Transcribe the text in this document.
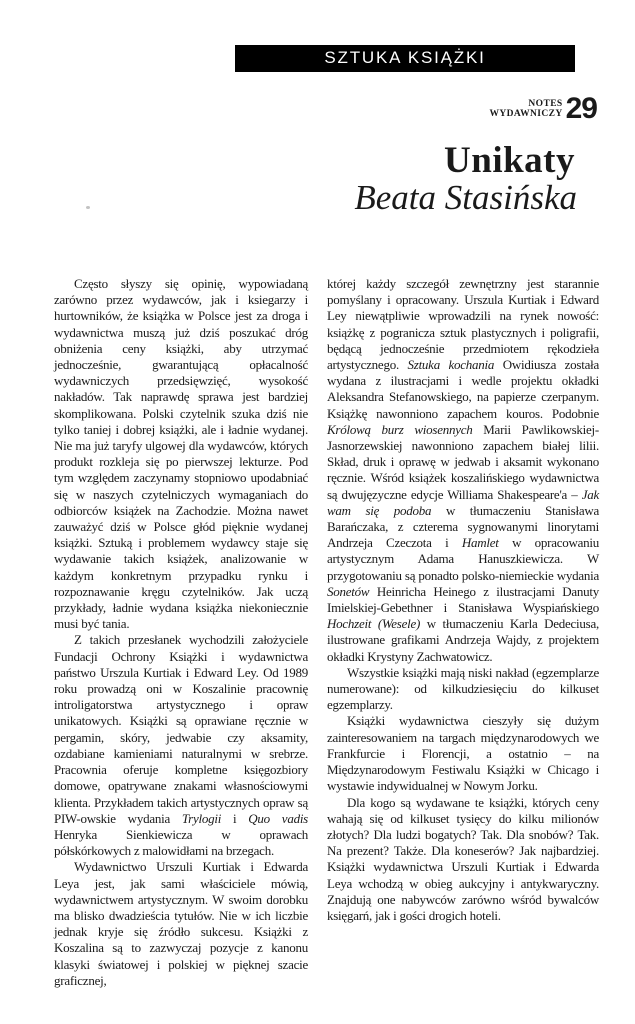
SZTUKA KSIĄŻKI
NOTES
WYDAWNICZY 29
Unikaty
Beata Stasińska

Często słyszy się opinię, wypowiadaną zarówno przez wydawców, jak i ksiegarzy i hurtowników, że książka w Polsce jest za droga i wydawnictwa muszą już dziś poszukać dróg obniżenia ceny książki, aby utrzymać jednocześnie, gwarantującą opłacalność wydawniczych przedsięwzięć, wysokość nakładów. Tak naprawdę sprawa jest bardziej skomplikowana. Polski czytelnik szuka dziś nie tylko taniej i dobrej książki, ale i ładnie wydanej. Nie ma już taryfy ulgowej dla wydawców, których produkt rozkleja się po pierwszej lekturze. Pod tym względem zaczynamy stopniowo upodabniać się w naszych czytelniczych wymaganiach do odbiorców książek na Zachodzie. Można nawet zauważyć dziś w Polsce głód pięknie wydanej książki. Sztuką i problemem wydawcy staje się wydawanie takich książek, analizowanie w każdym konkretnym przypadku rynku i rozpoznawanie kręgu czytelników. Jak uczą przykłady, ładnie wydana książka niekoniecznie musi być tania.

Z takich przesłanek wychodzili założyciele Fundacji Ochrony Książki i wydawnictwa państwo Urszula Kurtiak i Edward Ley. Od 1989 roku prowadzą oni w Koszalinie pracownię introligatorstwa artystycznego i opraw unikatowych. Książki są oprawiane ręcznie w pergamin, skóry, jedwabie czy aksamity, ozdabiane kamieniami naturalnymi w srebrze. Pracownia oferuje kompletne księgozbiory domowe, opatrywane znakami własnościowymi klienta. Przykładem takich artystycznych opraw są PIW-owskie wydania Trylogii i Quo vadis Henryka Sienkiewicza w oprawach półskórkowych z malowidłami na brzegach.

Wydawnictwo Urszuli Kurtiak i Edwarda Leya jest, jak sami właściciele mówią, wydawnictwem artystycznym. W swoim dorobku ma blisko dwadzieścia tytułów. Nie w ich liczbie jednak kryje się źródło sukcesu. Książki z Koszalina są to zazwyczaj pozycje z kanonu klasyki światowej i polskiej w pięknej szacie graficznej,

której każdy szczegół zewnętrzny jest starannie pomyślany i opracowany. Urszula Kurtiak i Edward Ley niewątpliwie wprowadzili na rynek nowość: książkę z pogranicza sztuk plastycznych i poligrafii, będącą jednocześnie przedmiotem rękodzieła artystycznego. Sztuka kochania Owidiusza została wydana z ilustracjami i wedle projektu okładki Aleksandra Stefanowskiego, na papierze czerpanym. Książkę nawonniono zapachem kouros. Podobnie Królową burz wiosennych Marii Pawlikowskiej-Jasnorzewskiej nawonniono zapachem białej lilii. Skład, druk i oprawę w jedwab i aksamit wykonano ręcznie. Wśród książek koszalińskiego wydawnictwa są dwujęzyczne edycje Williama Shakespeare'a – Jak wam się podoba w tłumaczeniu Stanisława Barańczaka, z czterema sygnowanymi linorytami Andrzeja Czeczota i Hamlet w opracowaniu artystycznym Adama Hanuszkiewicza. W przygotowaniu są ponadto polsko-niemieckie wydania Sonetów Heinricha Heinego z ilustracjami Danuty Imielskiej-Gebethner i Stanisława Wyspiańskiego Hochzeit (Wesele) w tłumaczeniu Karla Dedeciusa, ilustrowane grafikami Andrzeja Wajdy, z projektem okładki Krystyny Zachwatowicz.

Wszystkie książki mają niski nakład (egzemplarze numerowane): od kilkudziesięciu do kilkuset egzemplarzy.

Książki wydawnictwa cieszyły się dużym zainteresowaniem na targach międzynarodowych we Frankfurcie i Florencji, a ostatnio – na Międzynarodowym Festiwalu Książki w Chicago i wystawie indywidualnej w Nowym Jorku.

Dla kogo są wydawane te książki, których ceny wahają się od kilkuset tysięcy do kilku milionów złotych? Dla ludzi bogatych? Tak. Dla snobów? Tak. Na prezent? Także. Dla koneserów? Jak najbardziej. Książki wydawnictwa Urszuli Kurtiak i Edwarda Leya wchodzą w obieg aukcyjny i antykwaryczny. Znajdują one nabywców zarówno wśród bywalców księgarń, jak i gości drogich hoteli.
